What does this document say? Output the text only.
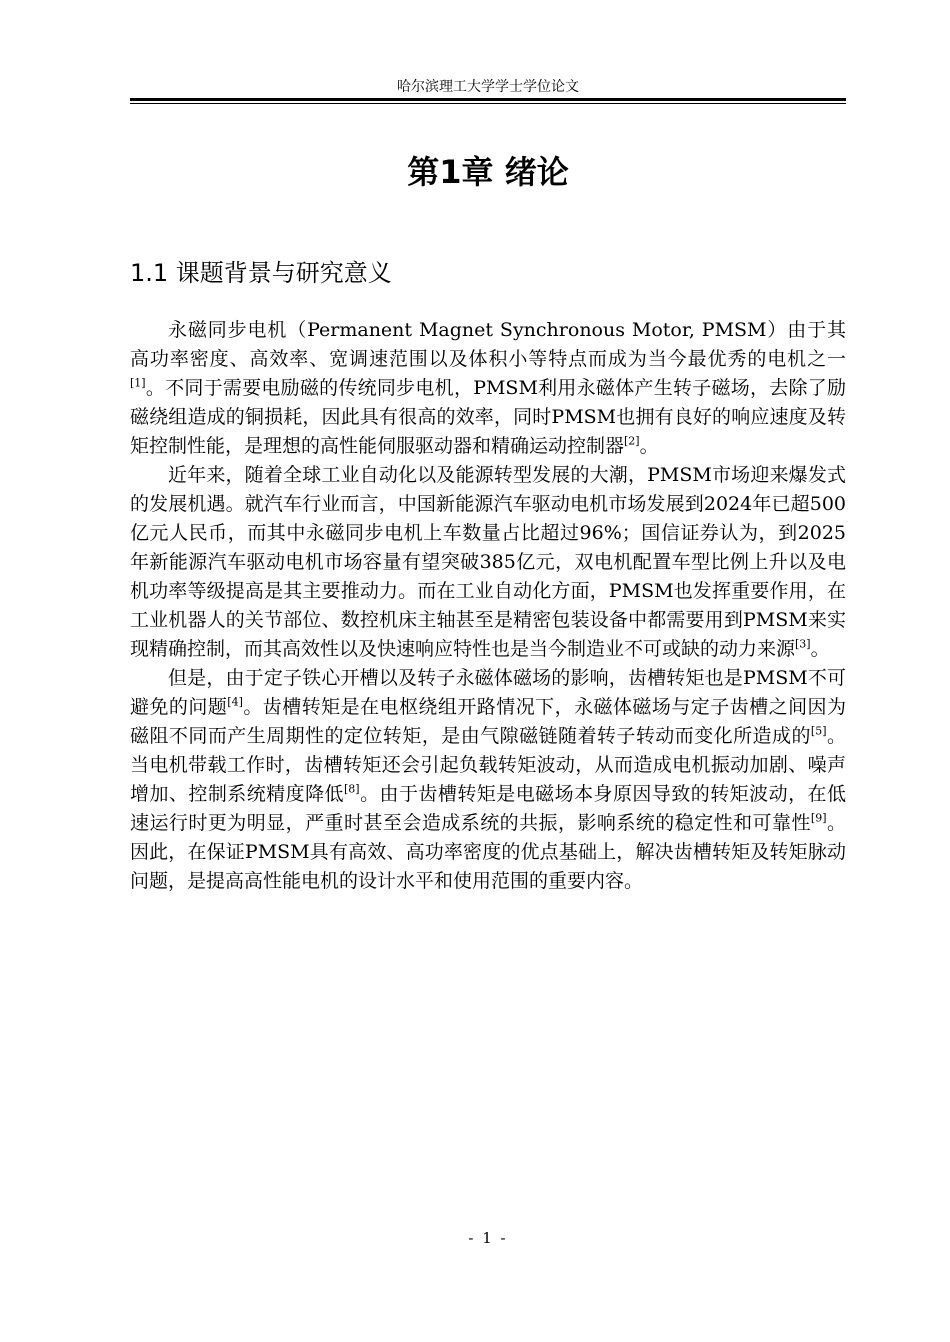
哈尔滨理工大学学士学位论文
第1章 绪论
1.1 课题背景与研究意义

永磁同步电机（Permanent Magnet Synchronous Motor, PMSM）由于其高功率密度、高效率、宽调速范围以及体积小等特点而成为当今最优秀的电机之一[1]。不同于需要电励磁的传统同步电机，PMSM利用永磁体产生转子磁场，去除了励磁绕组造成的铜损耗，因此具有很高的效率，同时PMSM也拥有良好的响应速度及转矩控制性能，是理想的高性能伺服驱动器和精确运动控制器[2]。

近年来，随着全球工业自动化以及能源转型发展的大潮，PMSM市场迎来爆发式的发展机遇。就汽车行业而言，中国新能源汽车驱动电机市场发展到2024年已超500亿元人民币，而其中永磁同步电机上车数量占比超过96%；国信证券认为，到2025年新能源汽车驱动电机市场容量有望突破385亿元，双电机配置车型比例上升以及电机功率等级提高是其主要推动力。而在工业自动化方面，PMSM也发挥重要作用，在工业机器人的关节部位、数控机床主轴甚至是精密包装设备中都需要用到PMSM来实现精确控制，而其高效性以及快速响应特性也是当今制造业不可或缺的动力来源[3]。

但是，由于定子铁心开槽以及转子永磁体磁场的影响，齿槽转矩也是PMSM不可避免的问题[4]。齿槽转矩是在电枢绕组开路情况下，永磁体磁场与定子齿槽之间因为磁阻不同而产生周期性的定位转矩，是由气隙磁链随着转子转动而变化所造成的[5]。当电机带载工作时，齿槽转矩还会引起负载转矩波动，从而造成电机振动加剧、噪声增加、控制系统精度降低[8]。由于齿槽转矩是电磁场本身原因导致的转矩波动，在低速运行时更为明显，严重时甚至会造成系统的共振，影响系统的稳定性和可靠性[9]。因此，在保证PMSM具有高效、高功率密度的优点基础上，解决齿槽转矩及转矩脉动问题，是提高高性能电机的设计水平和使用范围的重要内容。

- 1 -
